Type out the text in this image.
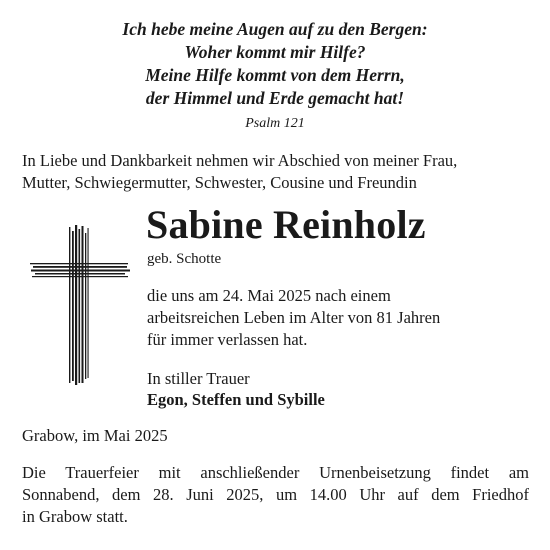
Ich hebe meine Augen auf zu den Bergen:
Woher kommt mir Hilfe?
Meine Hilfe kommt von dem Herrn,
der Himmel und Erde gemacht hat!
Psalm 121
In Liebe und Dankbarkeit nehmen wir Abschied von meiner Frau,
Mutter, Schwiegermutter, Schwester, Cousine und Freundin
Sabine Reinholz
geb. Schotte
die uns am 24. Mai 2025 nach einem
arbeitsreichen Leben im Alter von 81 Jahren
für immer verlassen hat.
In stiller Trauer
Egon, Steffen und Sybille
Grabow, im Mai 2025
Die Trauerfeier mit anschließender Urnenbeisetzung findet am
Sonnabend, dem 28. Juni 2025, um 14.00 Uhr auf dem Friedhof
in Grabow statt.
